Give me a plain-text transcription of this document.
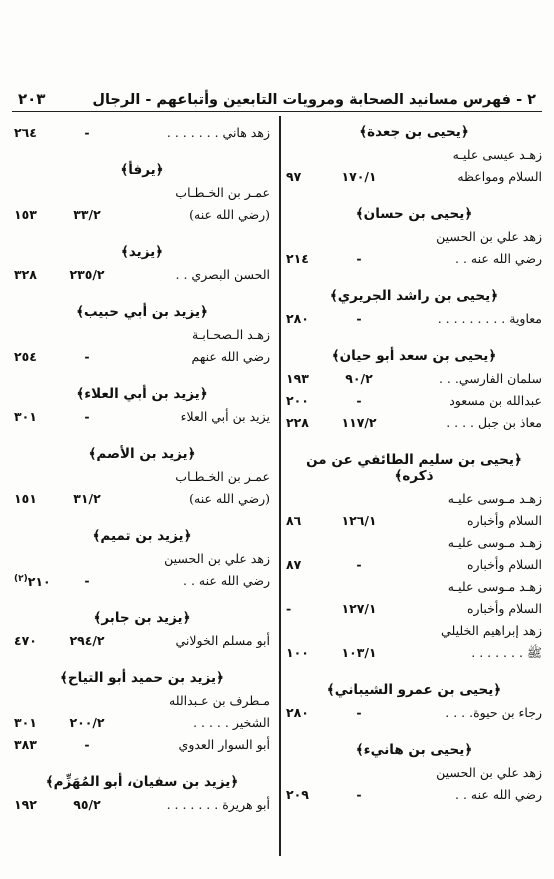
٢ - فهرس مسانيد الصحابة ومرويات التابعين وأتباعهم - الرجال
٢٠٣
﴿يحيى بن جعدة﴾
زهـد عيسى عليـه
السلام ومواعظه
١٧٠/١
٩٧
﴿يحيى بن حسان﴾
زهد علي بن الحسين
رضي الله عنه . .
-
٢١٤
﴿يحيى بن راشد الجريري﴾
معاوية . . . . . . . . .
-
٢٨٠
﴿يحيى بن سعد أبو حيان﴾
سلمان الفارسي. . .
٩٠/٢
١٩٣
عبدالله بن مسعود
-
٢٠٠
معاذ بن جبل . . . .
١١٧/٢
٢٢٨
﴿يحيى بن سليم الطائفي عن من ذكره﴾
زهـد مـوسى عليـه
السلام وأخباره
١٢٦/١
٨٦
زهـد مـوسى عليـه
السلام وأخباره
-
٨٧
زهـد مـوسى عليـه
السلام وأخباره
١٢٧/١
-
زهد إبراهيم الخليلي
ﷺ . . . . . . .
١٠٣/١
١٠٠
﴿يحيى بن عمرو الشيباني﴾
رجاء بن حيوة. . . .
-
٢٨٠
﴿يحيى بن هانيء﴾
زهد علي بن الحسين
رضي الله عنه . .
-
٢٠٩
زهد هاني . . . . . . .
-
٢٦٤
﴿يرفأ﴾
عمـر بن الخـطـاب
(رضي الله عنه)
٣٣/٢
١٥٣
﴿يزيد﴾
الحسن البصري . .
٢٣٥/٢
٣٢٨
﴿يزيد بن أبي حبيب﴾
زهـد الـصحـابـة
رضي الله عنهم
-
٢٥٤
﴿يزيد بن أبي العلاء﴾
يزيد بن أبي العلاء
-
٣٠١
﴿يزيد بن الأصم﴾
عمـر بن الخـطـاب
(رضي الله عنه)
٣١/٢
١٥١
﴿يزيد بن تميم﴾
زهد علي بن الحسين
رضي الله عنه . .
-
٢١٠$^{(٢)}$
﴿يزيد بن جابر﴾
أبو مسلم الخولاني
٢٩٤/٢
٤٧٠
﴿يزيد بن حميد أبو التياح﴾
مـطرف بن عـبدالله
الشخير . . . . .
٢٠٠/٢
٣٠١
أبو السوار العدوي
-
٣٨٣
﴿يزيد بن سفيان، أبو المُهَزِّم﴾
أبو هريرة . . . . . . .
٩٥/٢
١٩٢
